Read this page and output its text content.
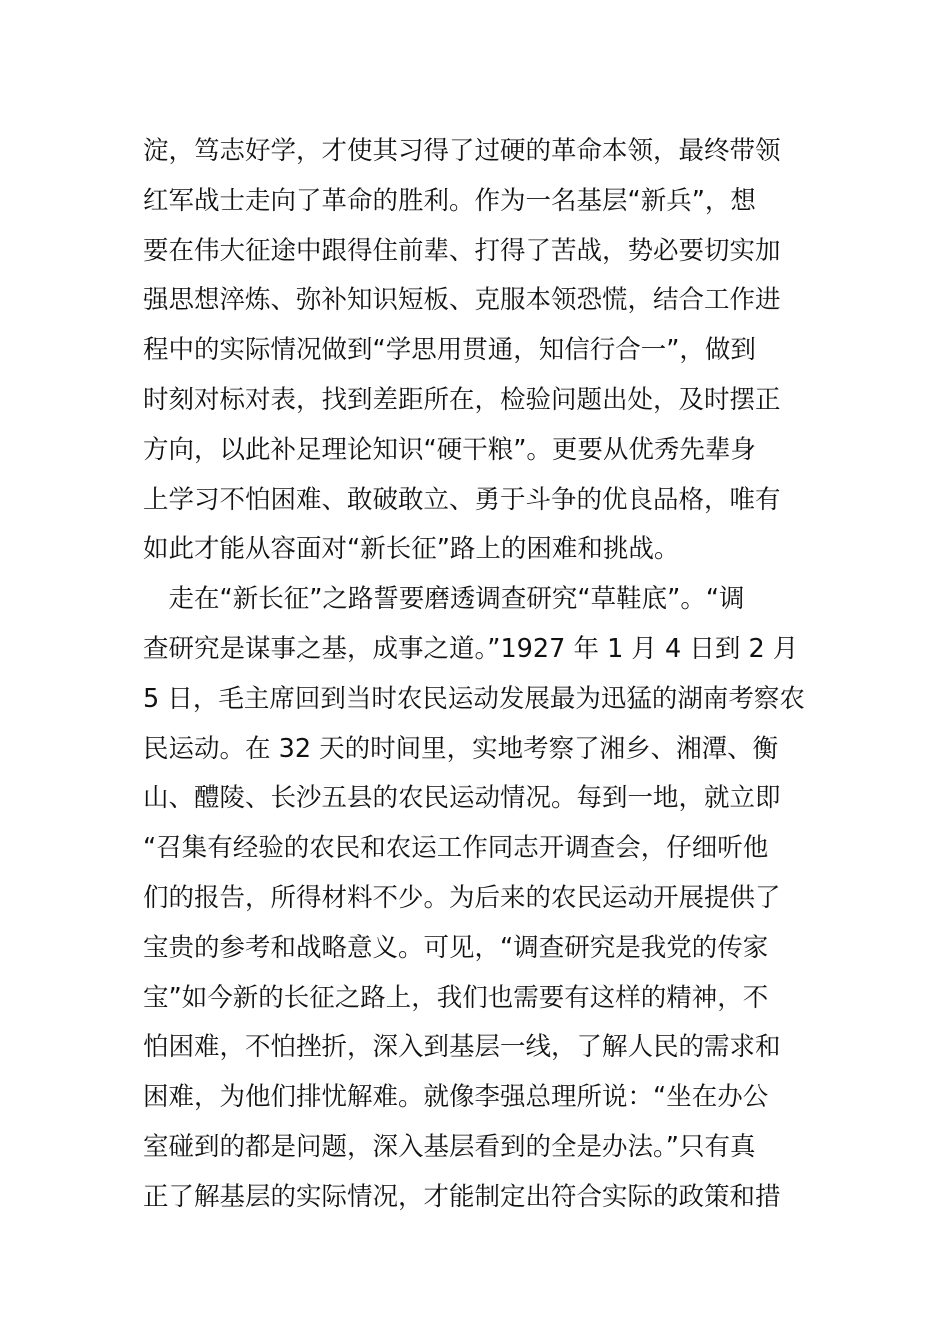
淀，笃志好学，才使其习得了过硬的革命本领，最终带领
红军战士走向了革命的胜利。作为一名基层“新兵”，想
要在伟大征途中跟得住前辈、打得了苦战，势必要切实加
强思想淬炼、弥补知识短板、克服本领恐慌，结合工作进
程中的实际情况做到“学思用贯通，知信行合一”，做到
时刻对标对表，找到差距所在，检验问题出处，及时摆正
方向，以此补足理论知识“硬干粮”。更要从优秀先辈身
上学习不怕困难、敢破敢立、勇于斗争的优良品格，唯有
如此才能从容面对“新长征”路上的困难和挑战。
　走在“新长征”之路誓要磨透调查研究“草鞋底”。“调
查研究是谋事之基，成事之道。”1927 年 1 月 4 日到 2 月
5 日，毛主席回到当时农民运动发展最为迅猛的湖南考察农
民运动。在 32 天的时间里，实地考察了湘乡、湘潭、衡
山、醴陵、长沙五县的农民运动情况。每到一地，就立即
“召集有经验的农民和农运工作同志开调查会，仔细听他
们的报告，所得材料不少。为后来的农民运动开展提供了
宝贵的参考和战略意义。可见，“调查研究是我党的传家
宝”如今新的长征之路上，我们也需要有这样的精神，不
怕困难，不怕挫折，深入到基层一线，了解人民的需求和
困难，为他们排忧解难。就像李强总理所说：“坐在办公
室碰到的都是问题，深入基层看到的全是办法。”只有真
正了解基层的实际情况，才能制定出符合实际的政策和措
